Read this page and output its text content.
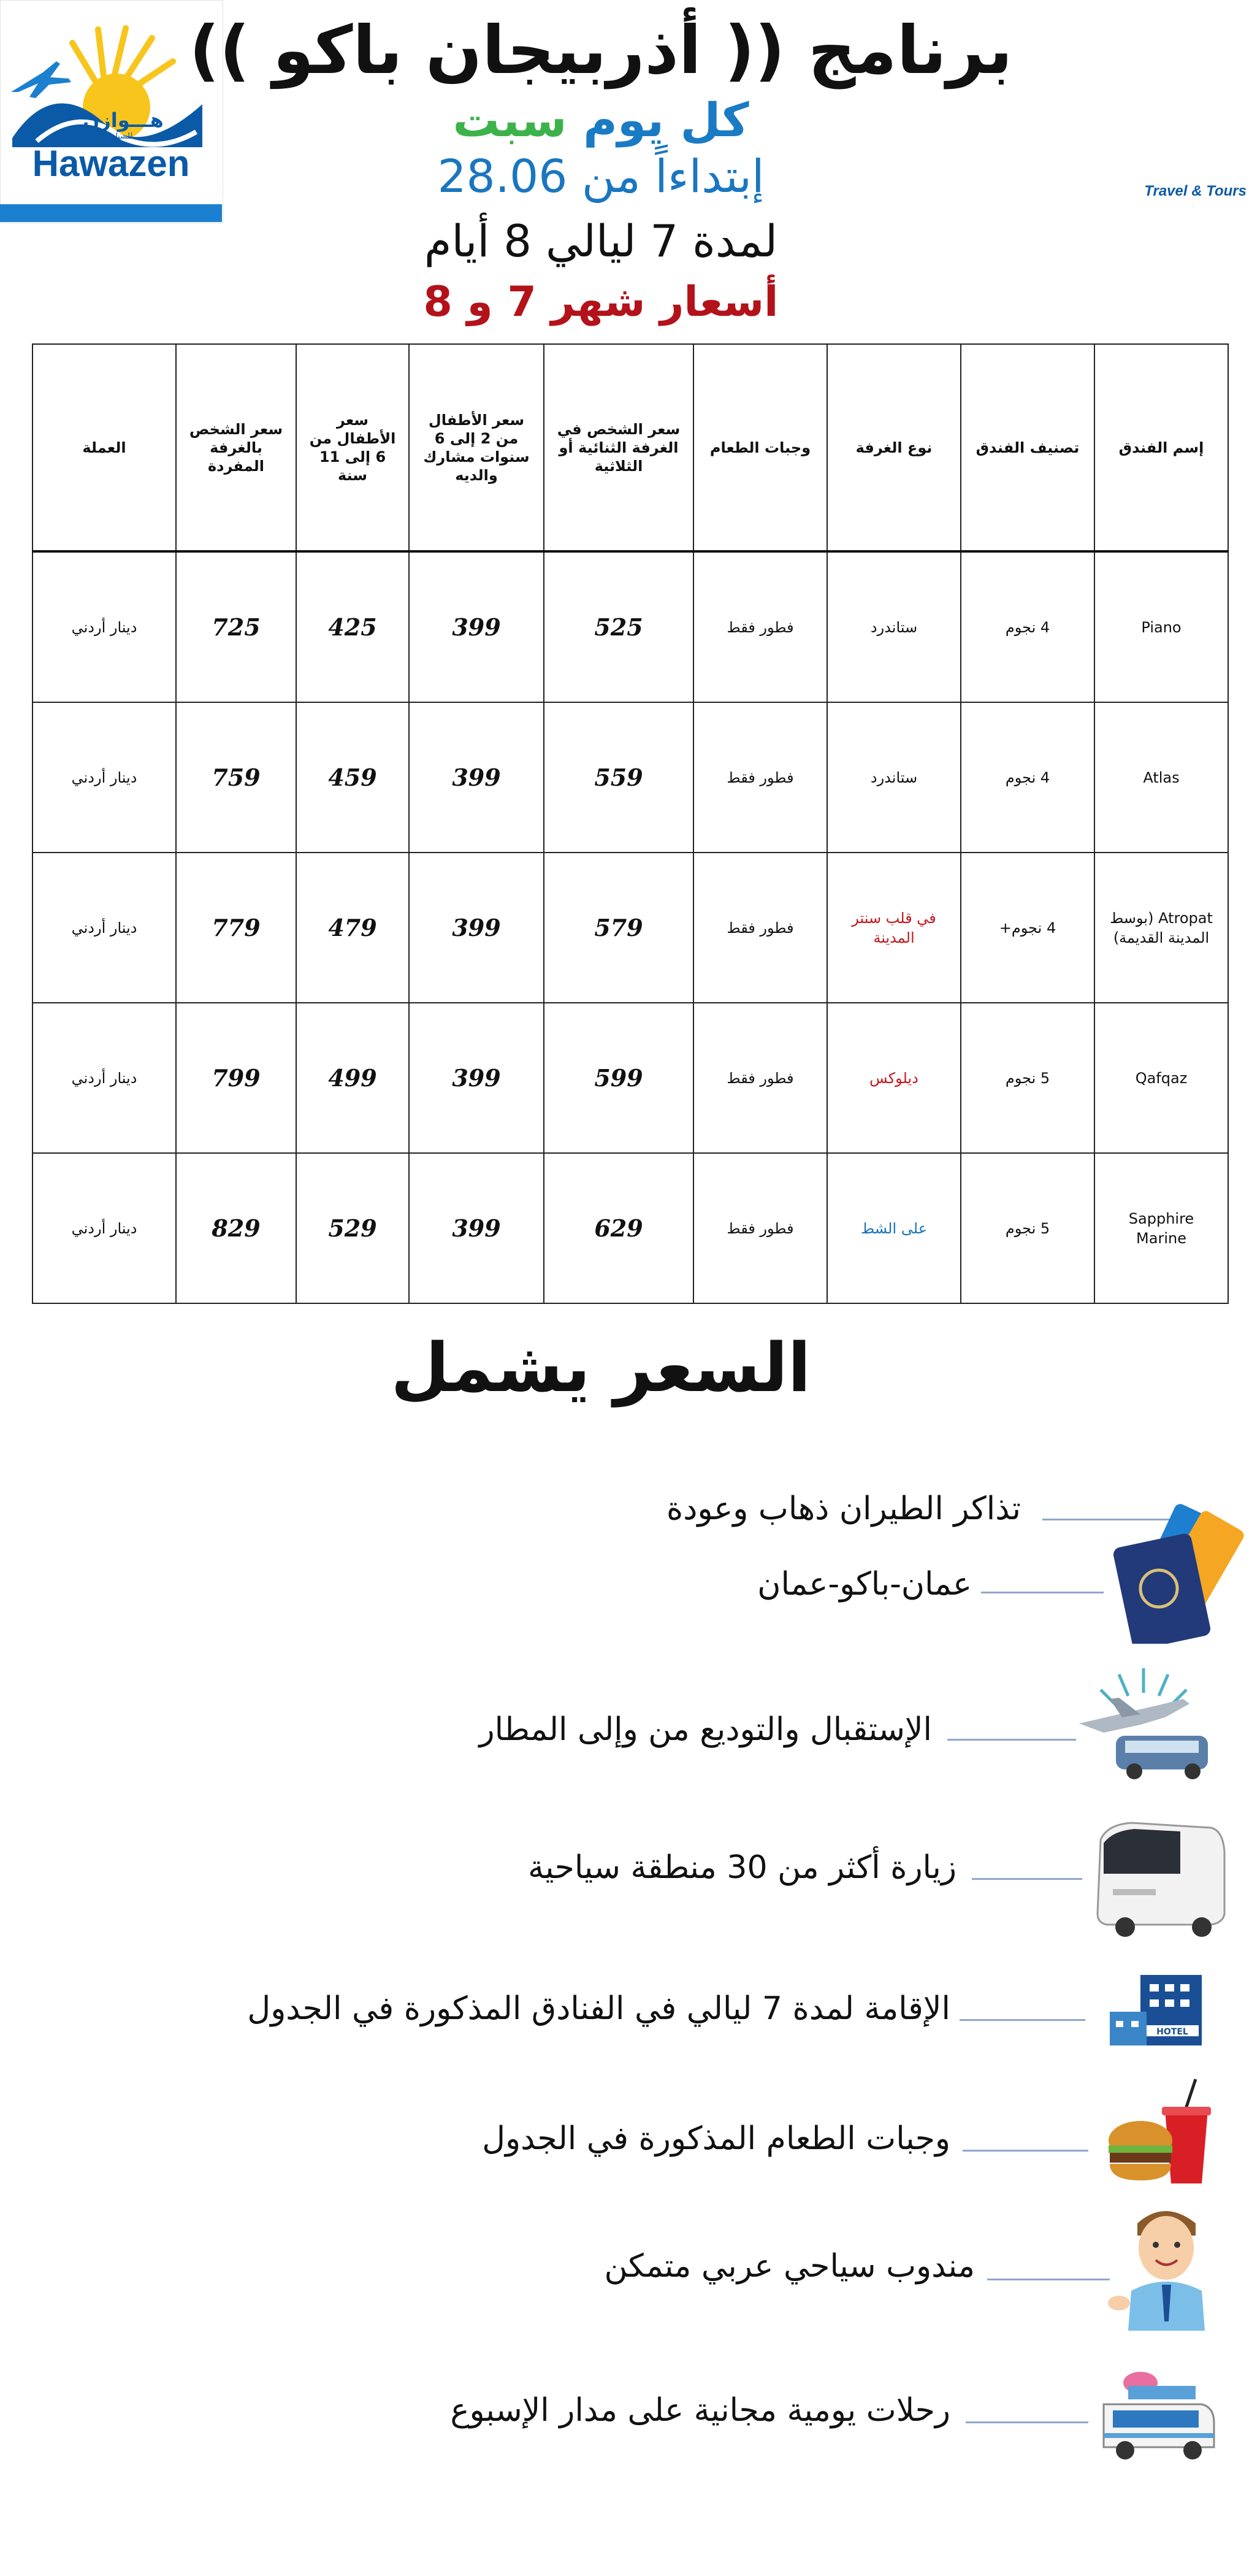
برنامج (( أذربيجان باكو ))
كل يوم سبت
إبتداءاً من 28.06
لمدة 7 ليالي 8 أيام
أسعار شهر 7 و 8
هـــوازن
للسياحة والسفر
Hawazen
Travel & Tours
إسم الفندق	تصنيف الفندق	نوع الغرفة	وجبات الطعام	سعر الشخص في الغرفة الثنائية أو الثلاثية	سعر الأطفال من 2 إلى 6 سنوات مشارك والديه	سعر الأطفال من 6 إلى 11 سنة	سعر الشخص بالغرفة المفردة	العملة
Piano	4 نجوم	ستاندرد	فطور فقط	525	399	425	725	دينار أردني
Atlas	4 نجوم	ستاندرد	فطور فقط	559	399	459	759	دينار أردني
Atropat (بوسط المدينة القديمة)	4 نجوم+	في قلب سنتر المدينة	فطور فقط	579	399	479	779	دينار أردني
Qafqaz	5 نجوم	ديلوكس	فطور فقط	599	399	499	799	دينار أردني
Sapphire Marine	5 نجوم	على الشط	فطور فقط	629	399	529	829	دينار أردني
السعر يشمل
تذاكر الطيران ذهاب وعودة
عمان-باكو-عمان
الإستقبال والتوديع من وإلى المطار
زيارة أكثر من 30 منطقة سياحية
الإقامة لمدة 7 ليالي في الفنادق المذكورة في الجدول
HOTEL
وجبات الطعام المذكورة في الجدول
مندوب سياحي عربي متمكن
رحلات يومية مجانية على مدار الإسبوع
